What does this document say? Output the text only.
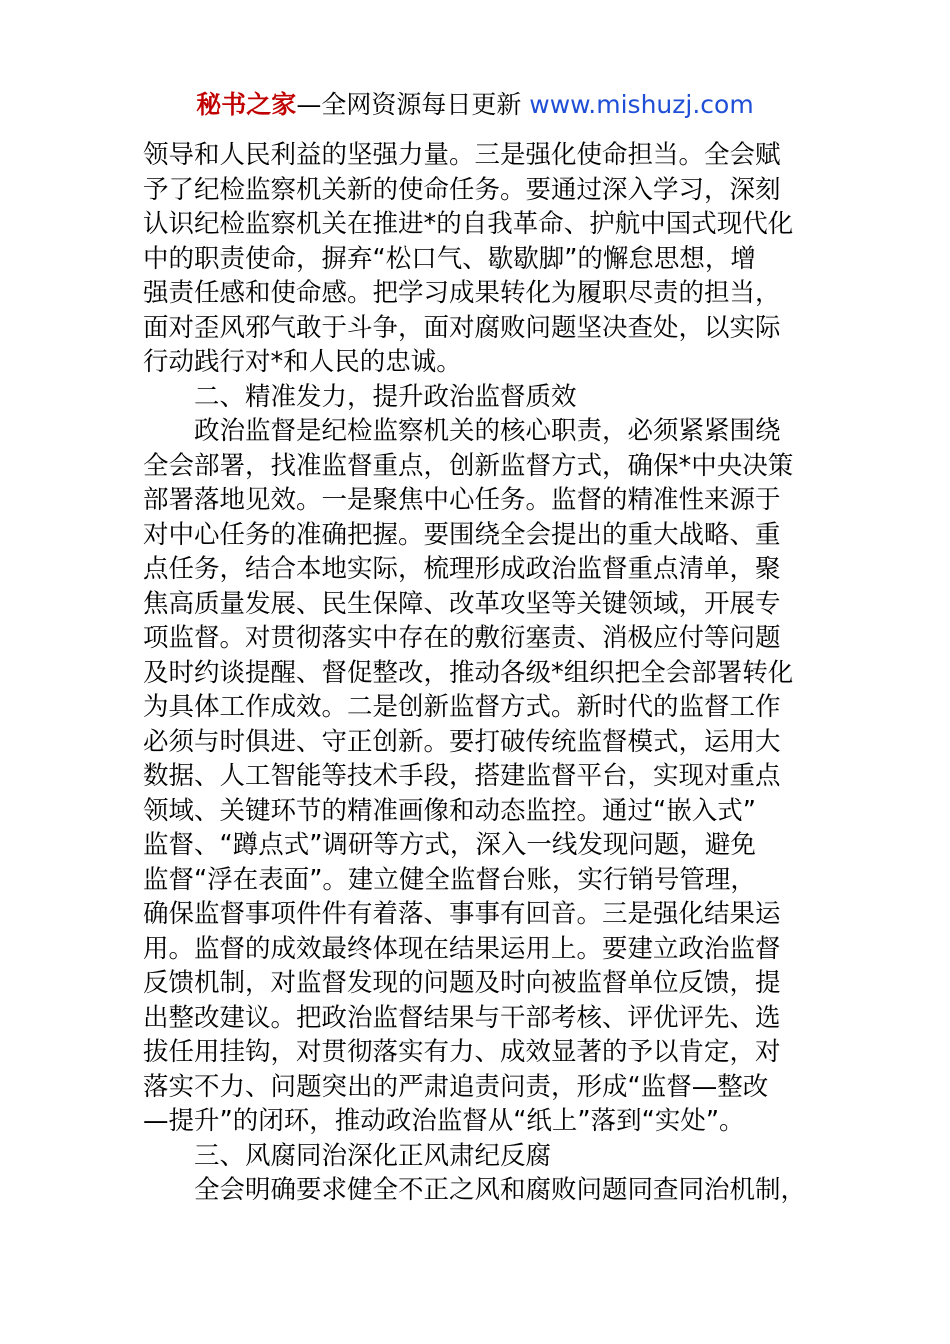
秘书之家—全网资源每日更新 www.mishuzj.com
领导和人民利益的坚强力量。三是强化使命担当。全会赋
予了纪检监察机关新的使命任务。要通过深入学习，深刻
认识纪检监察机关在推进*的自我革命、护航中国式现代化
中的职责使命，摒弃“松口气、歇歇脚”的懈怠思想，增
强责任感和使命感。把学习成果转化为履职尽责的担当，
面对歪风邪气敢于斗争，面对腐败问题坚决查处，以实际
行动践行对*和人民的忠诚。
二、精准发力，提升政治监督质效
政治监督是纪检监察机关的核心职责，必须紧紧围绕
全会部署，找准监督重点，创新监督方式，确保*中央决策
部署落地见效。一是聚焦中心任务。监督的精准性来源于
对中心任务的准确把握。要围绕全会提出的重大战略、重
点任务，结合本地实际，梳理形成政治监督重点清单，聚
焦高质量发展、民生保障、改革攻坚等关键领域，开展专
项监督。对贯彻落实中存在的敷衍塞责、消极应付等问题
及时约谈提醒、督促整改，推动各级*组织把全会部署转化
为具体工作成效。二是创新监督方式。新时代的监督工作
必须与时俱进、守正创新。要打破传统监督模式，运用大
数据、人工智能等技术手段，搭建监督平台，实现对重点
领域、关键环节的精准画像和动态监控。通过“嵌入式”
监督、“蹲点式”调研等方式，深入一线发现问题，避免
监督“浮在表面”。建立健全监督台账，实行销号管理，
确保监督事项件件有着落、事事有回音。三是强化结果运
用。监督的成效最终体现在结果运用上。要建立政治监督
反馈机制，对监督发现的问题及时向被监督单位反馈，提
出整改建议。把政治监督结果与干部考核、评优评先、选
拔任用挂钩，对贯彻落实有力、成效显著的予以肯定，对
落实不力、问题突出的严肃追责问责，形成“监督—整改
—提升”的闭环，推动政治监督从“纸上”落到“实处”。
三、风腐同治深化正风肃纪反腐
全会明确要求健全不正之风和腐败问题同查同治机制，
